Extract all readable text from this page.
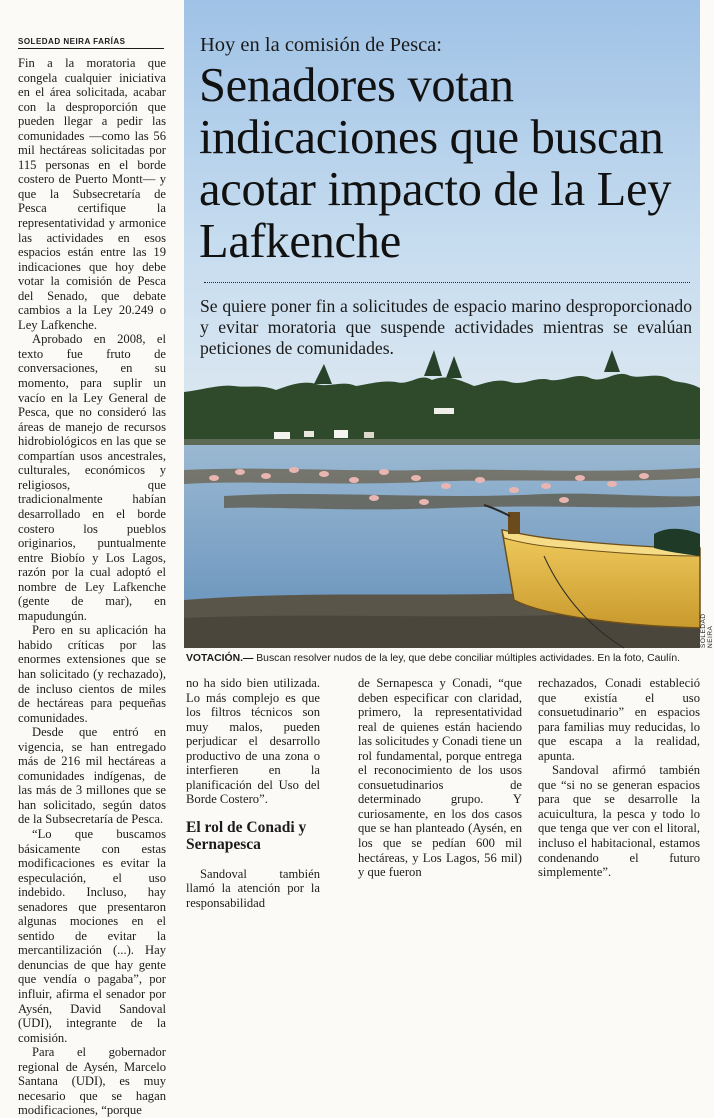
SOLEDAD NEIRA FARÍAS

Fin a la moratoria que congela cualquier iniciativa en el área solicitada, acabar con la desproporción que pueden llegar a pedir las comunidades —como las 56 mil hectáreas solicitadas por 115 personas en el borde costero de Puerto Montt— y que la Subsecretaría de Pesca certifique la representatividad y armonice las actividades en esos espacios están entre las 19 indicaciones que hoy debe votar la comisión de Pesca del Senado, que debate cambios a la Ley 20.249 o Ley Lafkenche.

Aprobado en 2008, el texto fue fruto de conversaciones, en su momento, para suplir un vacío en la Ley General de Pesca, que no consideró las áreas de manejo de recursos hidrobiológicos en las que se compartían usos ancestrales, culturales, económicos y religiosos, que tradicionalmente habían desarrollado en el borde costero los pueblos originarios, puntualmente entre Biobío y Los Lagos, razón por la cual adoptó el nombre de Ley Lafkenche (gente de mar), en mapudungún.

Pero en su aplicación ha habido críticas por las enormes extensiones que se han solicitado (y rechazado), de incluso cientos de miles de hectáreas para pequeñas comunidades.

Desde que entró en vigencia, se han entregado más de 216 mil hectáreas a comunidades indígenas, de las más de 3 millones que se han solicitado, según datos de la Subsecretaría de Pesca.

“Lo que buscamos básicamente con estas modificaciones es evitar la especulación, el uso indebido. Incluso, hay senadores que presentaron algunas mociones en el sentido de evitar la mercantilización (...). Hay denuncias de que hay gente que vendía o pagaba”, por influir, afirma el senador por Aysén, David Sandoval (UDI), integrante de la comisión.

Para el gobernador regional de Aysén, Marcelo Santana (UDI), es muy necesario que se hagan modificaciones, “porque

Hoy en la comisión de Pesca:
Senadores votan indicaciones que buscan acotar impacto de la Ley Lafkenche
Se quiere poner fin a solicitudes de espacio marino desproporcionado y evitar moratoria que suspende actividades mientras se evalúan peticiones de comunidades.
SOLEDAD NEIRA
VOTACIÓN.— Buscan resolver nudos de la ley, que debe conciliar múltiples actividades. En la foto, Caulín.

no ha sido bien utilizada. Lo más complejo es que los filtros técnicos son muy malos, pueden perjudicar el desarrollo productivo de una zona o interfieren en la planificación del Uso del Borde Costero”.

El rol de Conadi y Sernapesca

Sandoval también llamó la atención por la responsabilidad

de Sernapesca y Conadi, “que deben especificar con claridad, primero, la representatividad real de quienes están haciendo las solicitudes y Conadi tiene un rol fundamental, porque entrega el reconocimiento de los usos consuetudinarios de determinado grupo. Y curiosamente, en los dos casos que se han planteado (Aysén, en los que se pedían 600 mil hectáreas, y Los Lagos, 56 mil) y que fueron

rechazados, Conadi estableció que existía el uso consuetudinario” en espacios para familias muy reducidas, lo que escapa a la realidad, apunta.

Sandoval afirmó también que “si no se generan espacios para que se desarrolle la acuicultura, la pesca y todo lo que tenga que ver con el litoral, incluso el habitacional, estamos condenando el futuro simplemente”.
